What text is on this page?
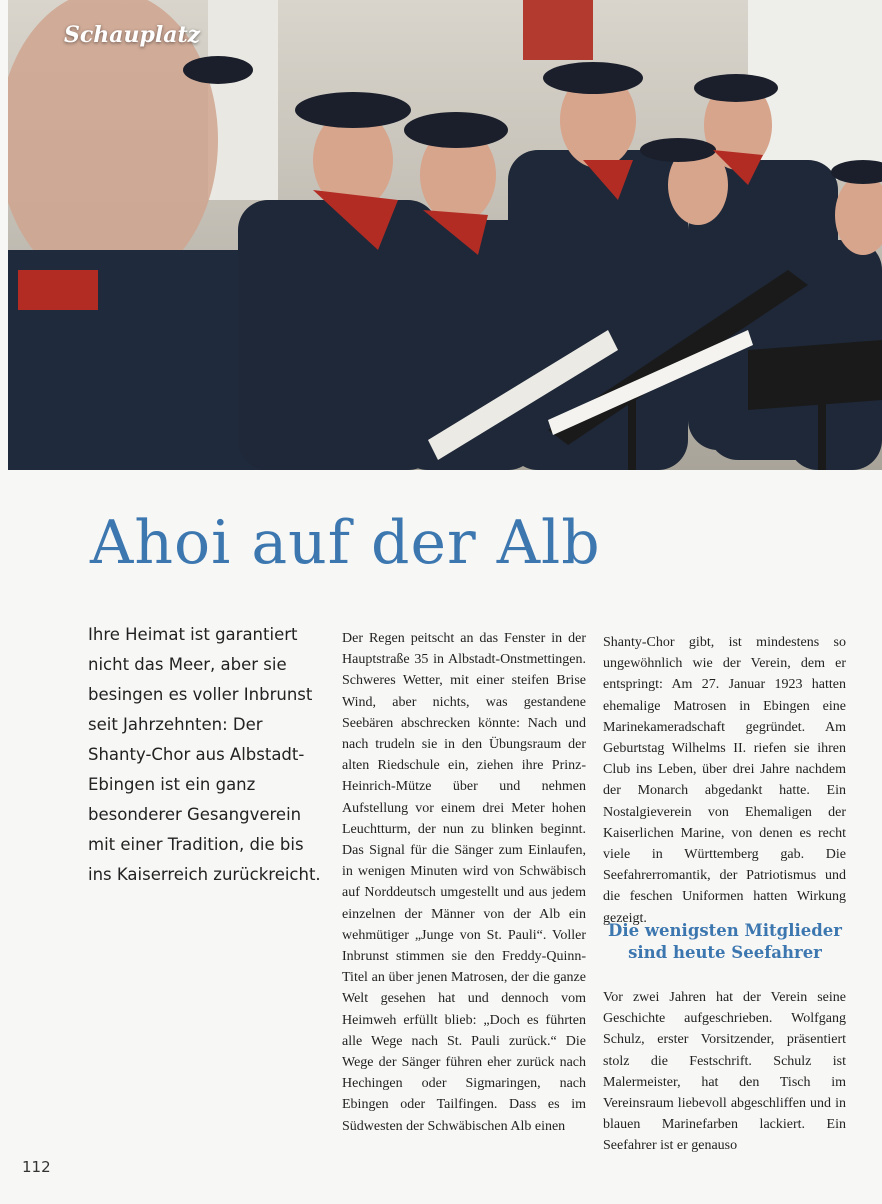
Schauplatz
Ahoi auf der Alb
Ihre Heimat ist garantiert nicht das Meer, aber sie besingen es voller Inbrunst seit Jahrzehnten: Der Shanty-Chor aus Albstadt-Ebingen ist ein ganz besonderer Gesangverein mit einer Tradition, die bis ins Kaiserreich zurückreicht.
Der Regen peitscht an das Fenster in der Hauptstraße 35 in Albstadt-Onstmettingen. Schweres Wetter, mit einer steifen Brise Wind, aber nichts, was gestandene Seebären abschrecken könnte: Nach und nach trudeln sie in den Übungsraum der alten Riedschule ein, ziehen ihre Prinz-Heinrich-Mütze über und nehmen Aufstellung vor einem drei Meter hohen Leuchtturm, der nun zu blinken beginnt. Das Signal für die Sänger zum Einlaufen, in wenigen Minuten wird von Schwäbisch auf Norddeutsch umgestellt und aus jedem einzelnen der Männer von der Alb ein wehmütiger „Junge von St. Pauli“. Voller Inbrunst stimmen sie den Freddy-Quinn-Titel an über jenen Matrosen, der die ganze Welt gesehen hat und dennoch vom Heimweh erfüllt blieb: „Doch es führten alle Wege nach St. Pauli zurück.“ Die Wege der Sänger führen eher zurück nach Hechingen oder Sigmaringen, nach Ebingen oder Tailfingen. Dass es im Südwesten der Schwäbischen Alb einen
Shanty-Chor gibt, ist mindestens so ungewöhnlich wie der Verein, dem er entspringt: Am 27. Januar 1923 hatten ehemalige Matrosen in Ebingen eine Marinekameradschaft gegründet. Am Geburtstag Wilhelms II. riefen sie ihren Club ins Leben, über drei Jahre nachdem der Monarch abgedankt hatte. Ein Nostalgieverein von Ehemaligen der Kaiserlichen Marine, von denen es recht viele in Württemberg gab. Die Seefahrerromantik, der Patriotismus und die feschen Uniformen hatten Wirkung gezeigt.
Die wenigsten Mitglieder sind heute Seefahrer
Vor zwei Jahren hat der Verein seine Geschichte aufgeschrieben. Wolfgang Schulz, erster Vorsitzender, präsentiert stolz die Festschrift. Schulz ist Malermeister, hat den Tisch im Vereinsraum liebevoll abgeschliffen und in blauen Marinefarben lackiert. Ein Seefahrer ist er genauso
112
